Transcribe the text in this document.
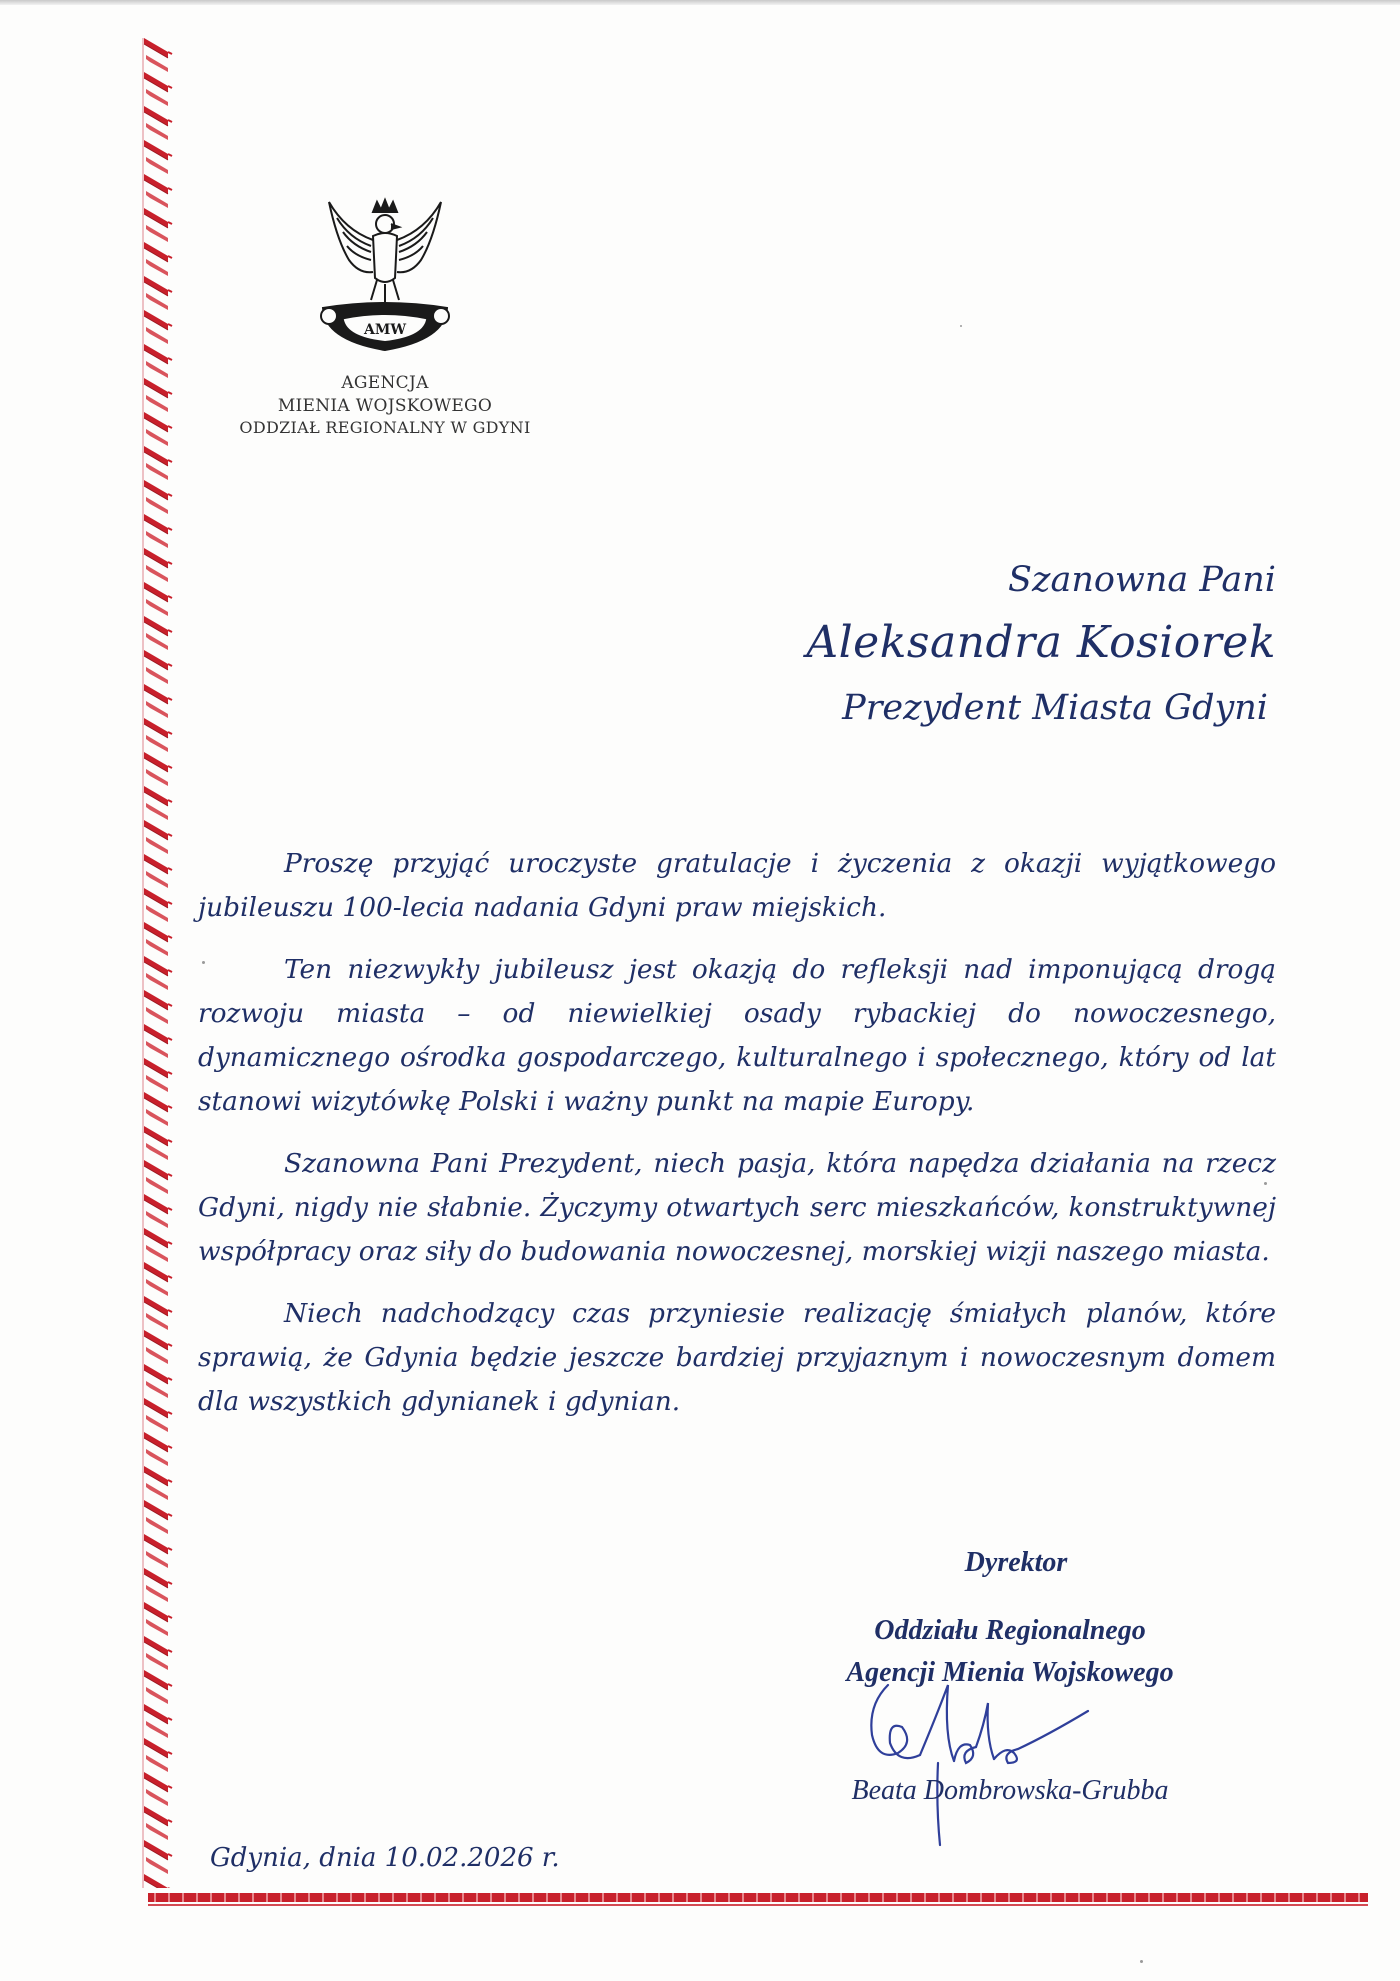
AMW
AGENCJA
MIENIA WOJSKOWEGO
ODDZIAŁ REGIONALNY W GDYNI
Szanowna Pani
Aleksandra Kosiorek
Prezydent Miasta Gdyni

Proszę przyjąć uroczyste gratulacje i życzenia z okazji wyjątkowego jubileuszu 100-lecia nadania Gdyni praw miejskich.

Ten niezwykły jubileusz jest okazją do refleksji nad imponującą drogą rozwoju miasta – od niewielkiej osady rybackiej do nowoczesnego, dynamicznego ośrodka gospodarczego, kulturalnego i społecznego, który od lat stanowi wizytówkę Polski i ważny punkt na mapie Europy.

Szanowna Pani Prezydent, niech pasja, która napędza działania na rzecz Gdyni, nigdy nie słabnie. Życzymy otwartych serc mieszkańców, konstruktywnej współpracy oraz siły do budowania nowoczesnej, morskiej wizji naszego miasta.

Niech nadchodzący czas przyniesie realizację śmiałych planów, które sprawią, że Gdynia będzie jeszcze bardziej przyjaznym i nowoczesnym domem dla wszystkich gdynianek i gdynian.

Dyrektor
Oddziału Regionalnego
Agencji Mienia Wojskowego
Beata Dombrowska-Grubba
Gdynia, dnia 10.02.2026 r.
